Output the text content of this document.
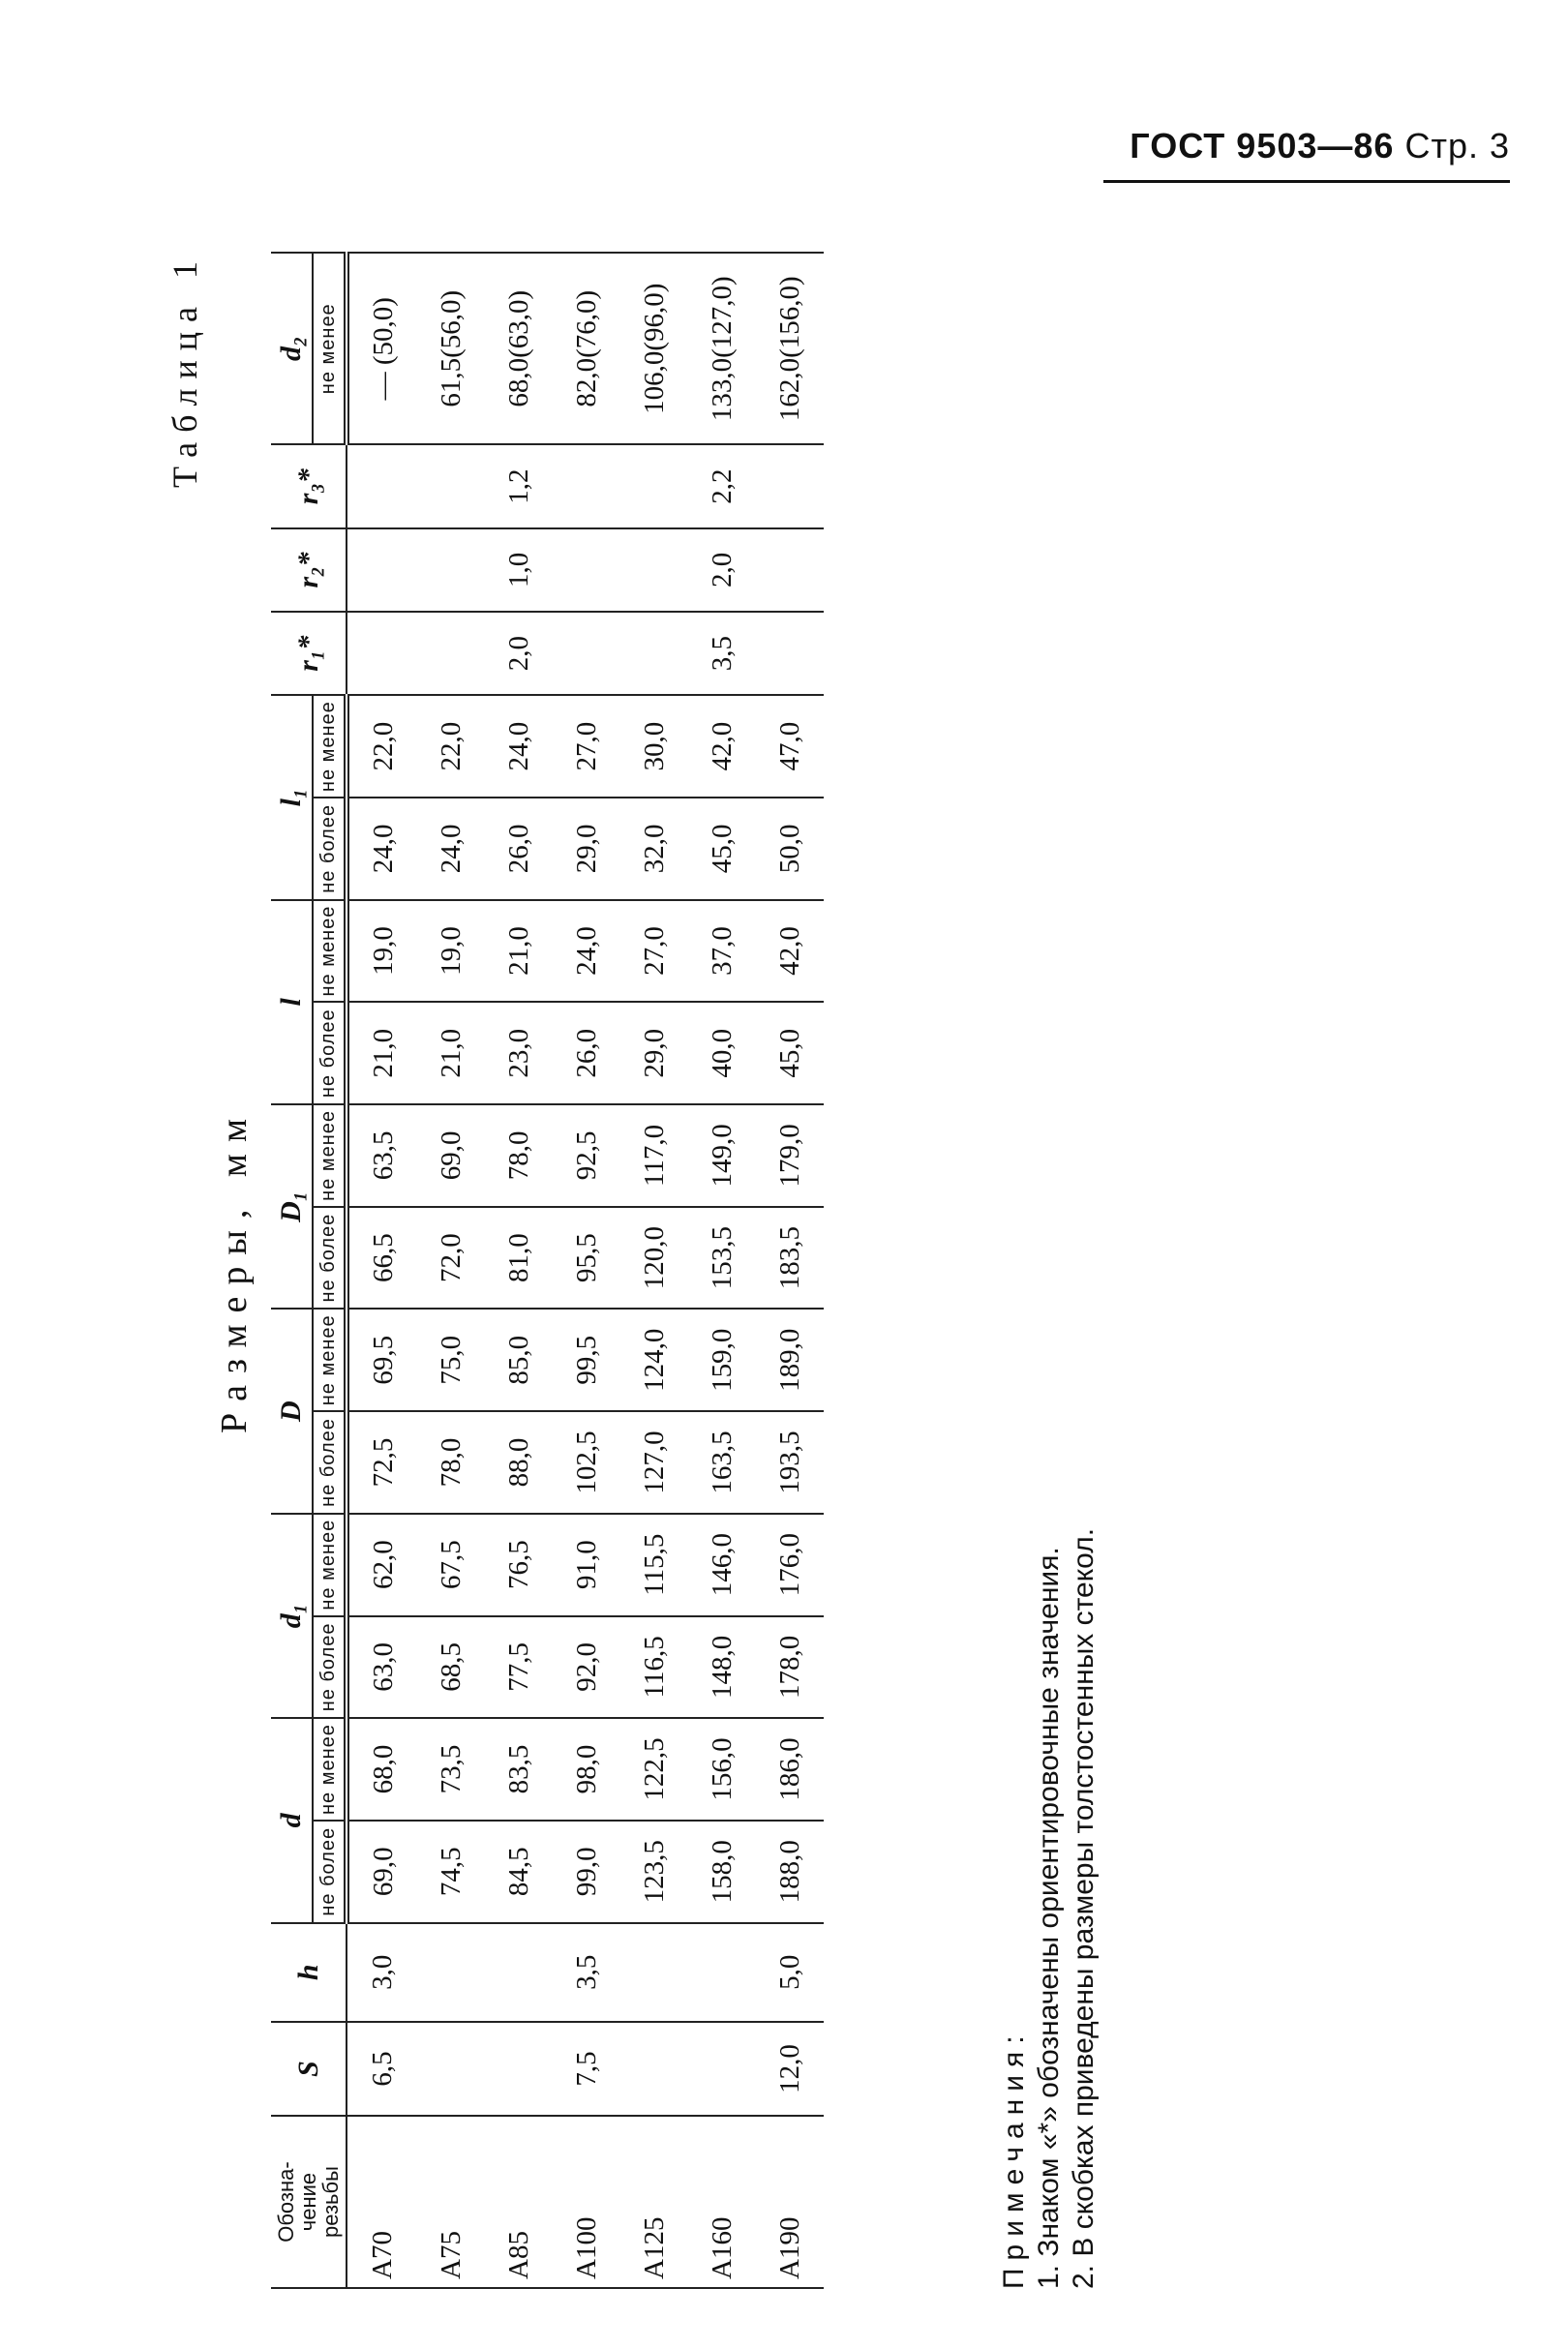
ГОСТ 9503—86 Стр. 3
Таблица 1
Размеры, мм
Обозна-
чение
резьбы	S	h	d		d₁		D		D₁		l		l₁		r₁*	r₂*	r₃*	d₂
			не более	не менее	не более	не менее	не более	не менее	не более	не менее	не более	не менее	не более	не менее				не менее
A70	6,5	3,0	69,0	68,0	63,0	62,0	72,5	69,5	66,5	63,5	21,0	19,0	24,0	22,0				— (50,0)
A75			74,5	73,5	68,5	67,5	78,0	75,0	72,0	69,0	21,0	19,0	24,0	22,0				61,5(56,0)
A85			84,5	83,5	77,5	76,5	88,0	85,0	81,0	78,0	23,0	21,0	26,0	24,0	2,0	1,0	1,2	68,0(63,0)
A100	7,5	3,5	99,0	98,0	92,0	91,0	102,5	99,5	95,5	92,5	26,0	24,0	29,0	27,0				82,0(76,0)
A125			123,5	122,5	116,5	115,5	127,0	124,0	120,0	117,0	29,0	27,0	32,0	30,0				106,0(96,0)
A160			158,0	156,0	148,0	146,0	163,5	159,0	153,5	149,0	40,0	37,0	45,0	42,0	3,5	2,0	2,2	133,0(127,0)
A190	12,0	5,0	188,0	186,0	178,0	176,0	193,5	189,0	183,5	179,0	45,0	42,0	50,0	47,0				162,0(156,0)
Примечания: 1. Знаком «*» обозначены ориентировочные значения. 2. В скобках приведены размеры толстостенных стекол.
